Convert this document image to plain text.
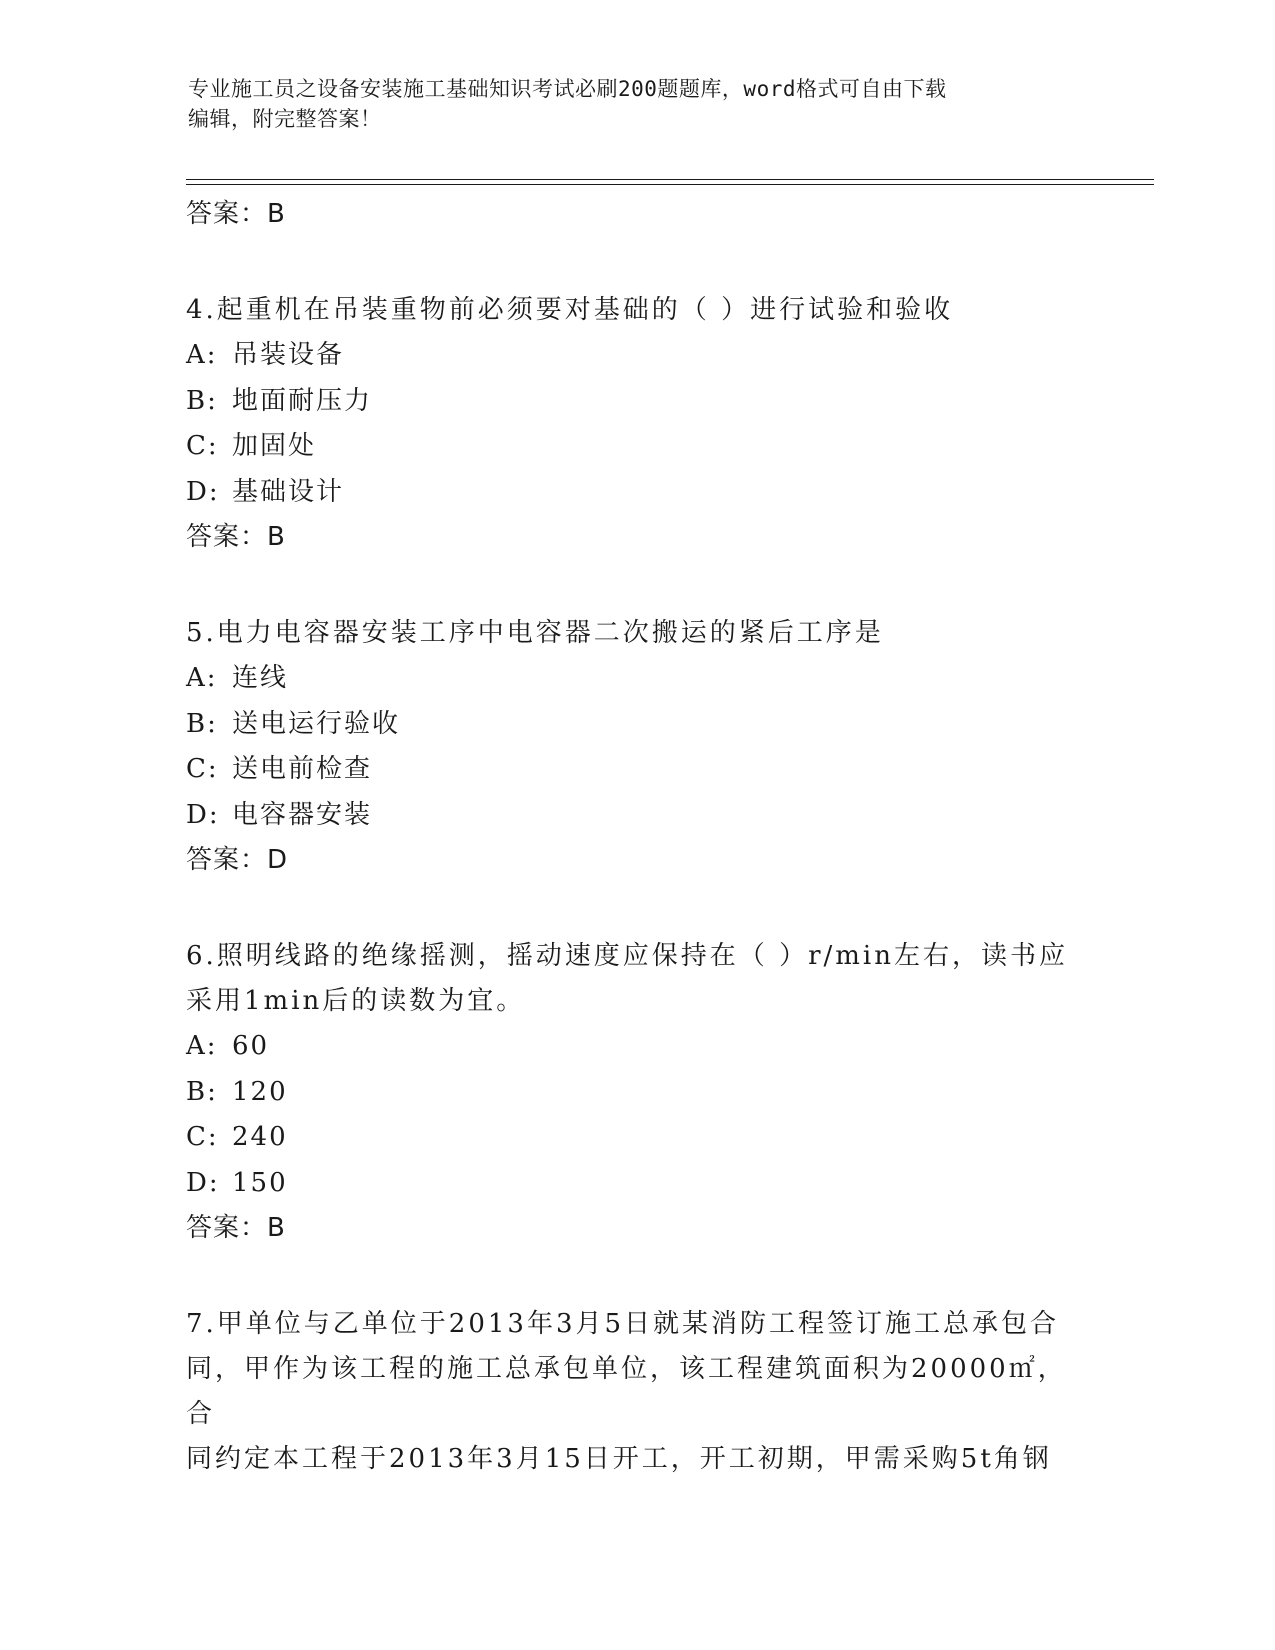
专业施工员之设备安装施工基础知识考试必刷200题题库，word格式可自由下载
编辑，附完整答案！
答案：B
4.起重机在吊装重物前必须要对基础的（ ）进行试验和验收
A: 吊装设备
B: 地面耐压力
C: 加固处
D: 基础设计
答案：B
5.电力电容器安装工序中电容器二次搬运的紧后工序是
A: 连线
B: 送电运行验收
C: 送电前检查
D: 电容器安装
答案：D
6.照明线路的绝缘摇测，摇动速度应保持在（ ）r/min左右，读书应
采用1min后的读数为宜。
A: 60
B: 120
C: 240
D: 150
答案：B
7.甲单位与乙单位于2013年3月5日就某消防工程签订施工总承包合
同，甲作为该工程的施工总承包单位，该工程建筑面积为20000㎡，合
同约定本工程于2013年3月15日开工，开工初期，甲需采购5t角钢
